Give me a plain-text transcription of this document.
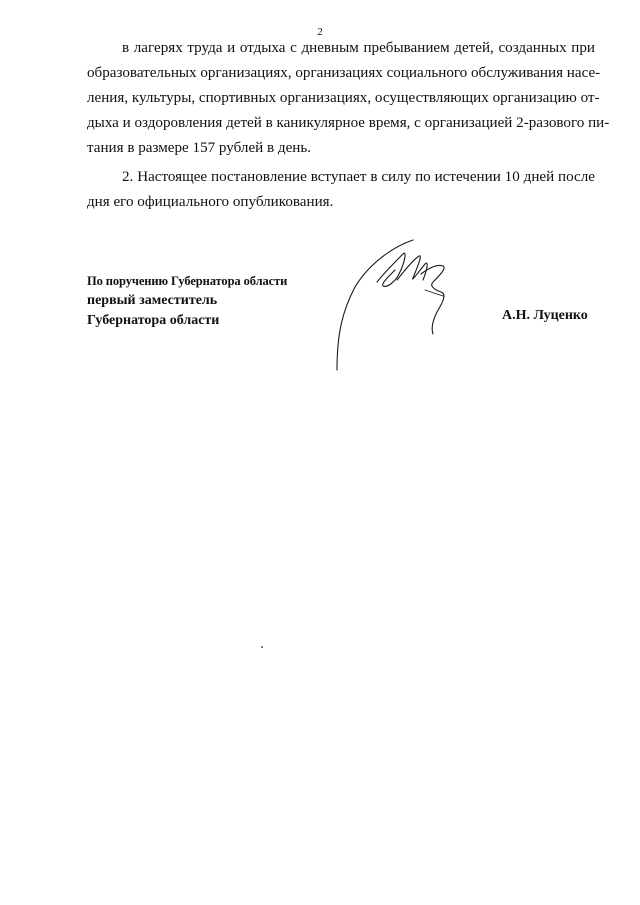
2
в лагерях труда и отдыха с дневным пребыванием детей, созданных при
образовательных организациях, организациях социального обслуживания насе-
ления, культуры, спортивных организациях, осуществляющих организацию от-
дыха и оздоровления детей в каникулярное время, с организацией 2-разового пи-
тания в размере 157 рублей в день.
2. Настоящее постановление вступает в силу по истечении 10 дней после
дня его официального опубликования.
По поручению Губернатора области
первый заместитель
Губернатора области	А.Н. Луценко
